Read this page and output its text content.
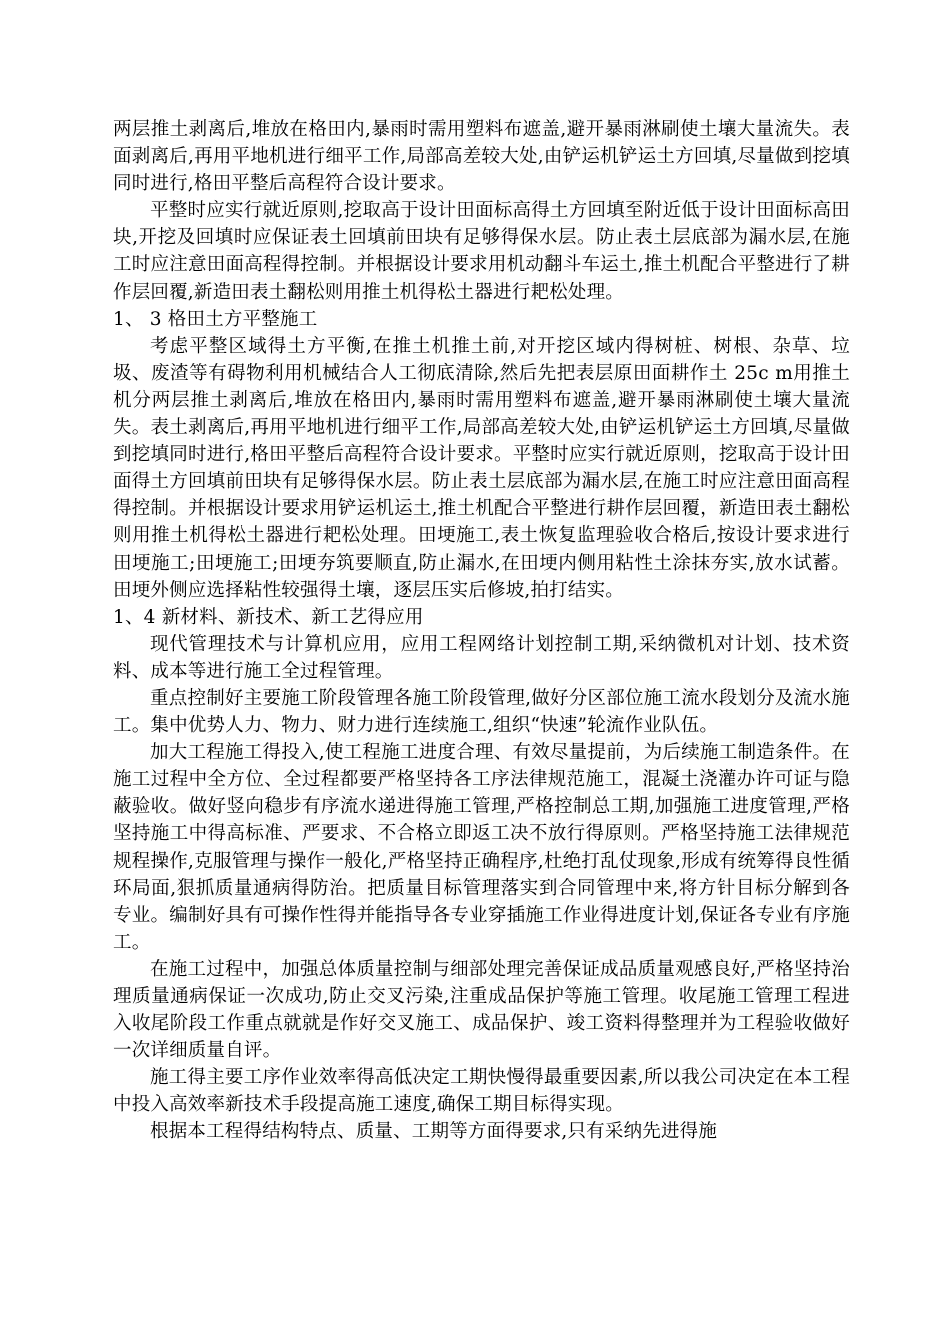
两层推土剥离后,堆放在格田内,暴雨时需用塑料布遮盖,避开暴雨淋刷使土壤大量流失。表面剥离后,再用平地机进行细平工作,局部高差较大处,由铲运机铲运土方回填,尽量做到挖填同时进行,格田平整后高程符合设计要求。

平整时应实行就近原则,挖取高于设计田面标高得土方回填至附近低于设计田面标高田块,开挖及回填时应保证表土回填前田块有足够得保水层。防止表土层底部为漏水层,在施工时应注意田面高程得控制。并根据设计要求用机动翻斗车运土,推土机配合平整进行了耕作层回覆,新造田表土翻松则用推土机得松土器进行耙松处理。

1、 3 格田土方平整施工

考虑平整区域得土方平衡,在推土机推土前,对开挖区域内得树桩、树根、杂草、垃圾、废渣等有碍物利用机械结合人工彻底清除,然后先把表层原田面耕作土 25c m用推土机分两层推土剥离后,堆放在格田内,暴雨时需用塑料布遮盖,避开暴雨淋刷使土壤大量流失。表土剥离后,再用平地机进行细平工作,局部高差较大处,由铲运机铲运土方回填,尽量做到挖填同时进行,格田平整后高程符合设计要求。平整时应实行就近原则，挖取高于设计田面得土方回填前田块有足够得保水层。防止表土层底部为漏水层,在施工时应注意田面高程得控制。并根据设计要求用铲运机运土,推土机配合平整进行耕作层回覆，新造田表土翻松则用推土机得松土器进行耙松处理。田埂施工,表土恢复监理验收合格后,按设计要求进行田埂施工;田埂施工;田埂夯筑要顺直,防止漏水,在田埂内侧用粘性土涂抹夯实,放水试蓄。田埂外侧应选择粘性较强得土壤，逐层压实后修坡,拍打结实。

1、4 新材料、新技术、新工艺得应用

现代管理技术与计算机应用，应用工程网络计划控制工期,采纳微机对计划、技术资料、成本等进行施工全过程管理。

重点控制好主要施工阶段管理各施工阶段管理,做好分区部位施工流水段划分及流水施工。集中优势人力、物力、财力进行连续施工,组织“快速”轮流作业队伍。

加大工程施工得投入,使工程施工进度合理、有效尽量提前，为后续施工制造条件。在施工过程中全方位、全过程都要严格坚持各工序法律规范施工，混凝土浇灌办许可证与隐蔽验收。做好竖向稳步有序流水递进得施工管理,严格控制总工期,加强施工进度管理,严格坚持施工中得高标准、严要求、不合格立即返工决不放行得原则。严格坚持施工法律规范规程操作,克服管理与操作一般化,严格坚持正确程序,杜绝打乱仗现象,形成有统筹得良性循环局面,狠抓质量通病得防治。把质量目标管理落实到合同管理中来,将方针目标分解到各专业。编制好具有可操作性得并能指导各专业穿插施工作业得进度计划,保证各专业有序施工。

在施工过程中，加强总体质量控制与细部处理完善保证成品质量观感良好,严格坚持治理质量通病保证一次成功,防止交叉污染,注重成品保护等施工管理。收尾施工管理工程进入收尾阶段工作重点就就是作好交叉施工、成品保护、竣工资料得整理并为工程验收做好一次详细质量自评。

施工得主要工序作业效率得高低决定工期快慢得最重要因素,所以我公司决定在本工程中投入高效率新技术手段提高施工速度,确保工期目标得实现。

根据本工程得结构特点、质量、工期等方面得要求,只有采纳先进得施
